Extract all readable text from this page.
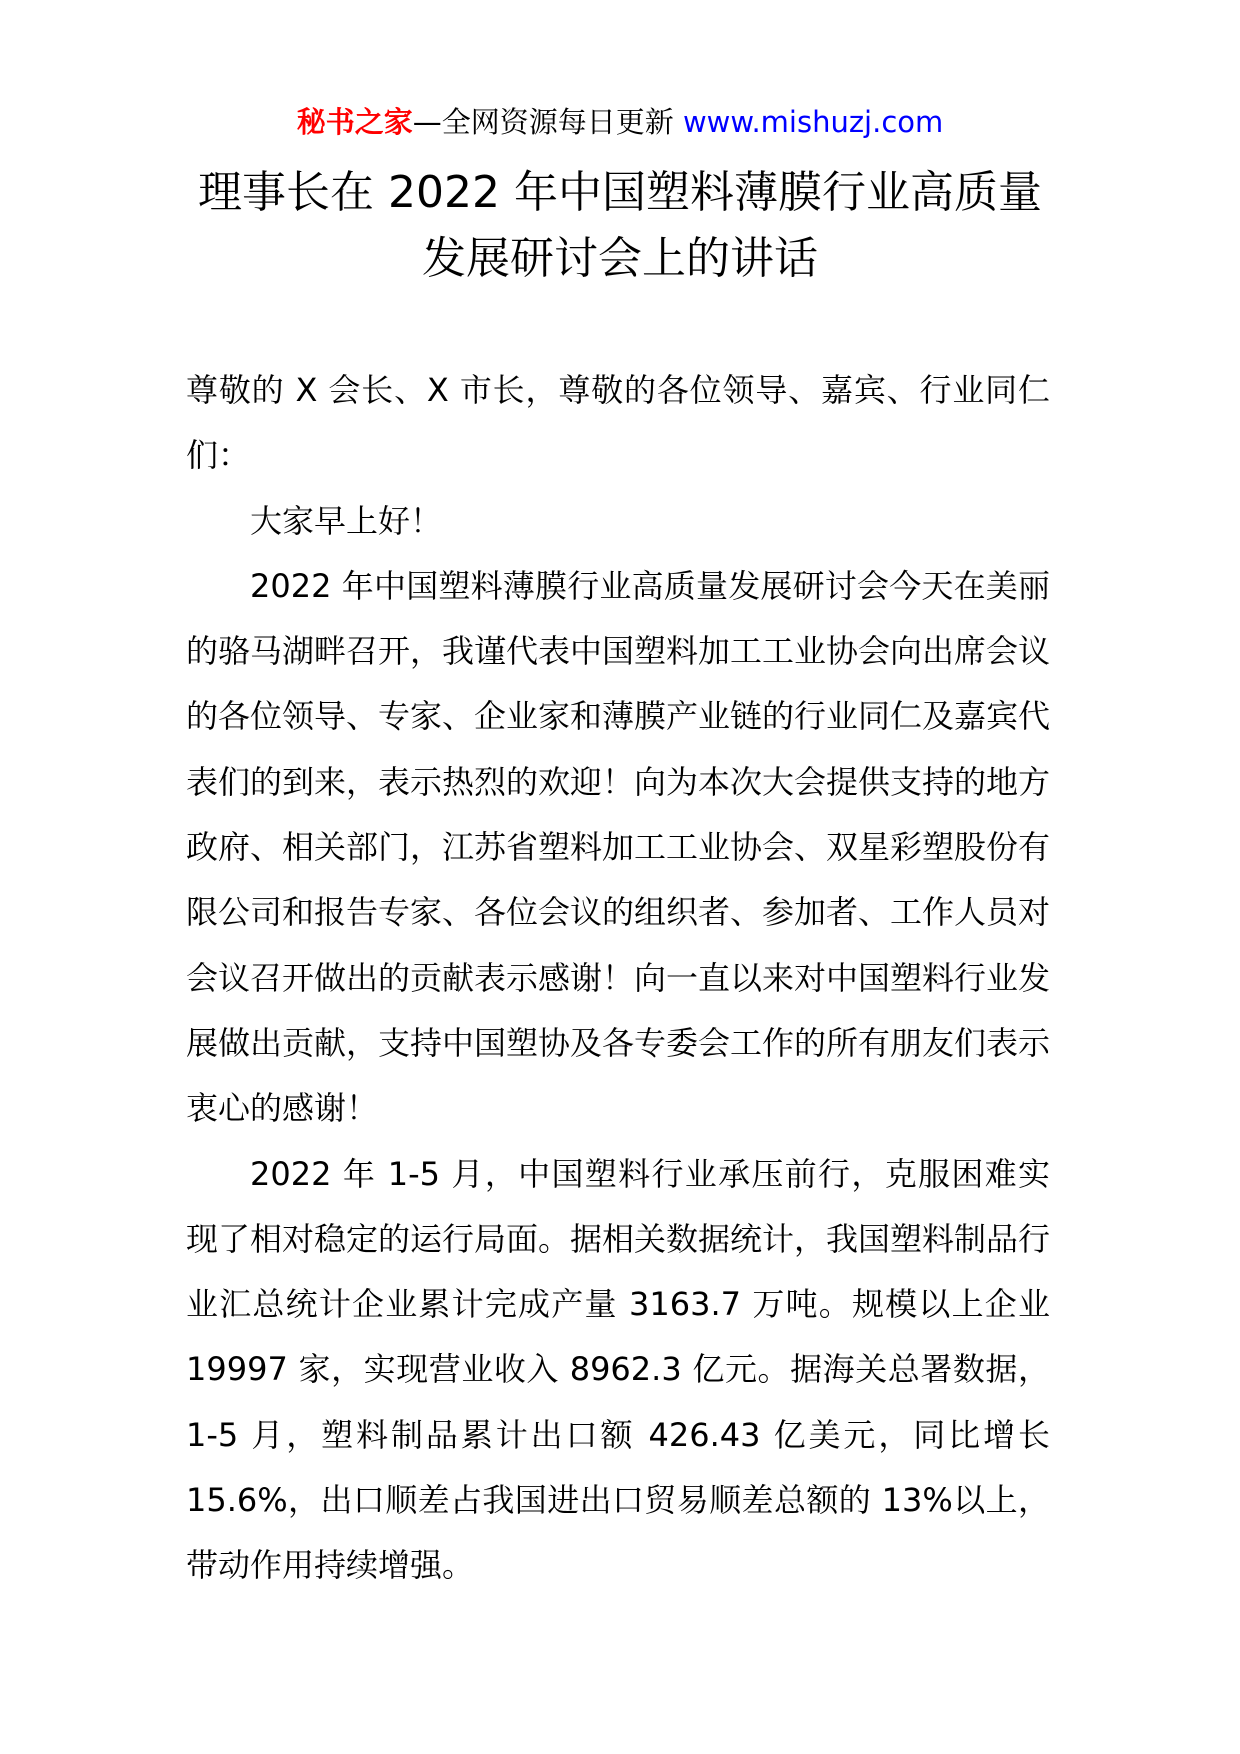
秘书之家—全网资源每日更新 www.mishuzj.com
理事长在 2022 年中国塑料薄膜行业高质量
发展研讨会上的讲话

尊敬的 X 会长、X 市长，尊敬的各位领导、嘉宾、行业同仁们：

大家早上好！

2022 年中国塑料薄膜行业高质量发展研讨会今天在美丽的骆马湖畔召开，我谨代表中国塑料加工工业协会向出席会议的各位领导、专家、企业家和薄膜产业链的行业同仁及嘉宾代表们的到来，表示热烈的欢迎！向为本次大会提供支持的地方政府、相关部门，江苏省塑料加工工业协会、双星彩塑股份有限公司和报告专家、各位会议的组织者、参加者、工作人员对会议召开做出的贡献表示感谢！向一直以来对中国塑料行业发展做出贡献，支持中国塑协及各专委会工作的所有朋友们表示衷心的感谢！

2022 年 1-5 月，中国塑料行业承压前行，克服困难实现了相对稳定的运行局面。据相关数据统计，我国塑料制品行业汇总统计企业累计完成产量 3163.7 万吨。规模以上企业 19997 家，实现营业收入 8962.3 亿元。据海关总署数据，1-5 月，塑料制品累计出口额 426.43 亿美元，同比增长 15.6%，出口顺差占我国进出口贸易顺差总额的 13%以上，带动作用持续增强。
